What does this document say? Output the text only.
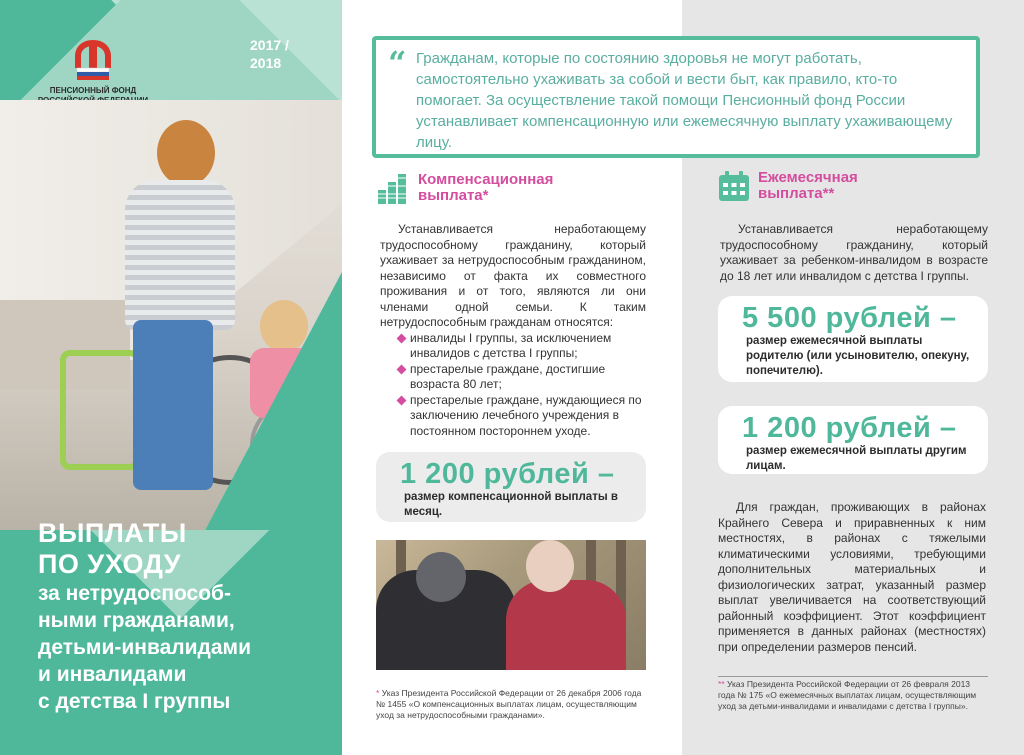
ПЕНСИОННЫЙ ФОНД
2017 /
2018
ВЫПЛАТЫ
ПО УХОДУ
за нетрудоспособ-
ными гражданами,
детьми-инвалидами
и инвалидами
с детства I группы
“ Гражданам, которые по состоянию здоровья не могут работать, самостоятельно ухаживать за собой и вести быт, как правило, кто-то помогает. За осуществление такой помощи Пенсионный фонд России устанавливает компенсационную или ежемесячную выплату ухаживающему лицу.
Компенсационная
выплата*

Устанавливается неработающему трудоспособному гражданину, который ухаживает за нетрудоспособным гражданином, независимо от факта их совместного проживания и от того, являются ли они членами одной семьи. К таким нетрудоспособным гражданам относятся:

инвалиды I группы, за исключением инвалидов с детства I группы;
престарелые граждане, достигшие возраста 80 лет;
престарелые граждане, нуждающиеся по заключению лечебного учреждения в постоянном постороннем уходе.
1 200 рублей –
размер компенсационной выплаты в месяц.
* Указ Президента Российской Федерации от 26 декабря 2006 года № 1455 «О компенсационных выплатах лицам, осуществляющим уход за нетрудоспособными гражданами».
Ежемесячная
выплата**

Устанавливается неработающему трудоспособному гражданину, который ухаживает за ребенком-инвалидом в возрасте до 18 лет или инвалидом с детства I группы.

5 500 рублей –
размер ежемесячной выплаты родителю (или усыновителю, опекуну, попечителю).
1 200 рублей –
размер ежемесячной выплаты другим лицам.

Для граждан, проживающих в районах Крайнего Севера и приравненных к ним местностях, в районах с тяжелыми климатическими условиями, требующими дополнительных материальных и физиологических затрат, указанный размер выплат увеличивается на соответствующий районный коэффициент. Этот коэффициент применяется в данных районах (местностях) при определении размеров пенсий.

** Указ Президента Российской Федерации от 26 февраля 2013 года № 175 «О ежемесячных выплатах лицам, осуществляющим уход за детьми-инвалидами и инвалидами с детства I группы».
